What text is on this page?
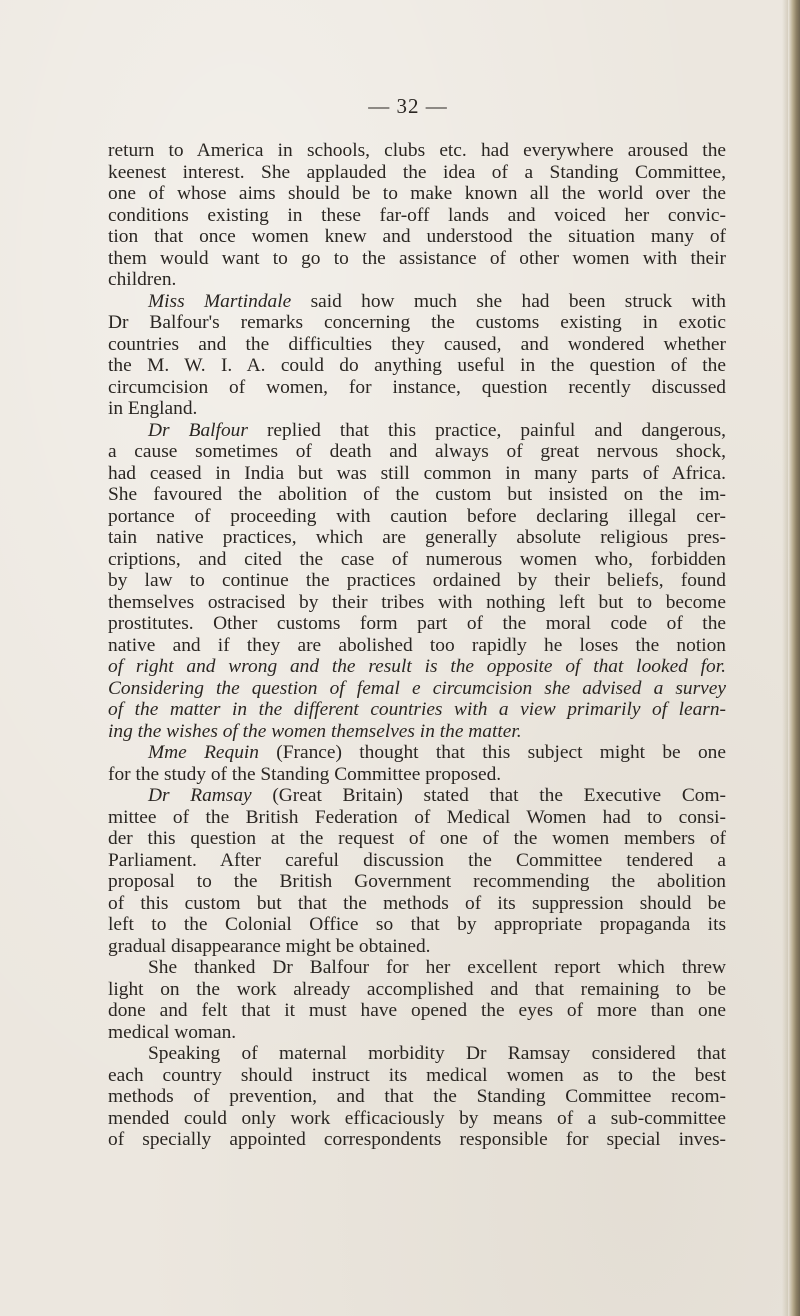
— 32 —
return to America in schools, clubs etc. had everywhere aroused the
keenest interest. She applauded the idea of a Standing Committee,
one of whose aims should be to make known all the world over the
conditions existing in these far-off lands and voiced her convic-
tion that once women knew and understood the situation many of
them would want to go to the assistance of other women with their
children.
Miss Martindale said how much she had been struck with
Dr Balfour's remarks concerning the customs existing in exotic
countries and the difficulties they caused, and wondered whether
the M. W. I. A. could do anything useful in the question of the
circumcision of women, for instance, question recently discussed
in England.
Dr Balfour replied that this practice, painful and dangerous,
a cause sometimes of death and always of great nervous shock,
had ceased in India but was still common in many parts of Africa.
She favoured the abolition of the custom but insisted on the im-
portance of proceeding with caution before declaring illegal cer-
tain native practices, which are generally absolute religious pres-
criptions, and cited the case of numerous women who, forbidden
by law to continue the practices ordained by their beliefs, found
themselves ostracised by their tribes with nothing left but to become
prostitutes. Other customs form part of the moral code of the
native and if they are abolished too rapidly he loses the notion
of right and wrong and the result is the opposite of that looked for.
Considering the question of femal e circumcision she advised a survey
of the matter in the different countries with a view primarily of learn-
ing the wishes of the women themselves in the matter.
Mme Requin (France) thought that this subject might be one
for the study of the Standing Committee proposed.
Dr Ramsay (Great Britain) stated that the Executive Com-
mittee of the British Federation of Medical Women had to consi-
der this question at the request of one of the women members of
Parliament. After careful discussion the Committee tendered a
proposal to the British Government recommending the abolition
of this custom but that the methods of its suppression should be
left to the Colonial Office so that by appropriate propaganda its
gradual disappearance might be obtained.
She thanked Dr Balfour for her excellent report which threw
light on the work already accomplished and that remaining to be
done and felt that it must have opened the eyes of more than one
medical woman.
Speaking of maternal morbidity Dr Ramsay considered that
each country should instruct its medical women as to the best
methods of prevention, and that the Standing Committee recom-
mended could only work efficaciously by means of a sub-committee
of specially appointed correspondents responsible for special inves-
